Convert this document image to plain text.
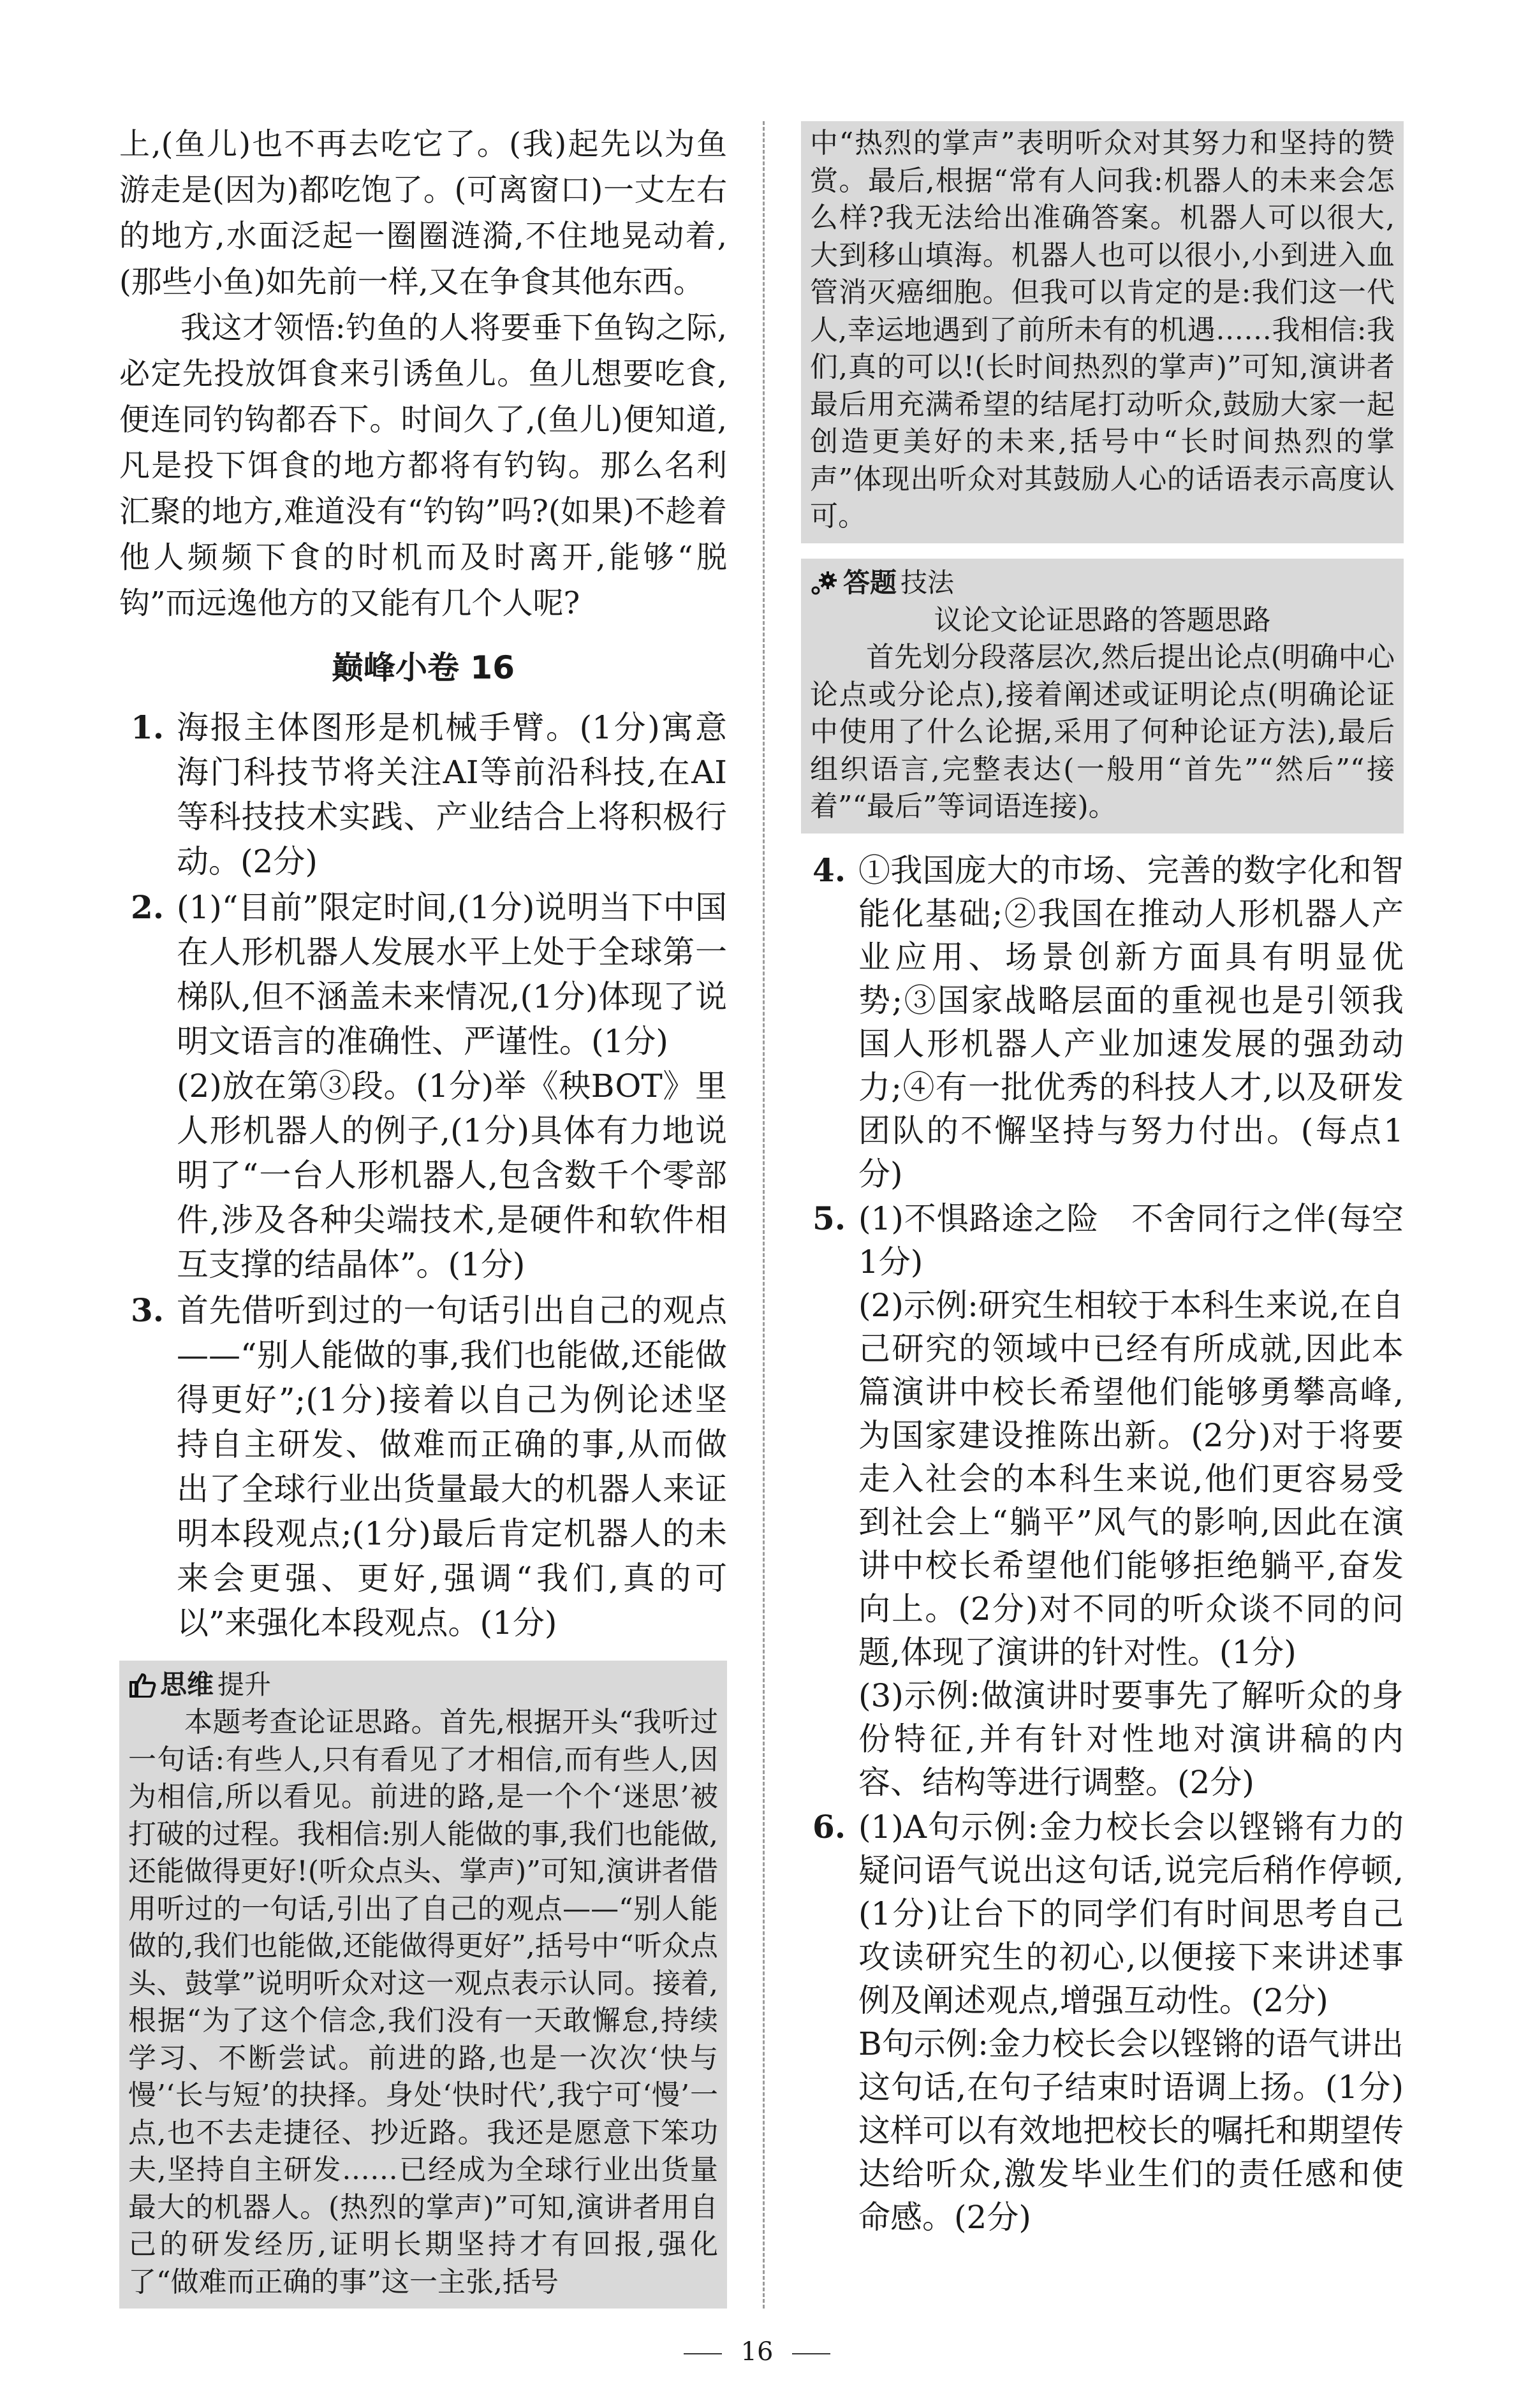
上,(鱼儿)也不再去吃它了。(我)起先以为鱼游走是(因为)都吃饱了。(可离窗口)一丈左右的地方,水面泛起一圈圈涟漪,不住地晃动着,(那些小鱼)如先前一样,又在争食其他东西。

我这才领悟:钓鱼的人将要垂下鱼钩之际,必定先投放饵食来引诱鱼儿。鱼儿想要吃食,便连同钓钩都吞下。时间久了,(鱼儿)便知道,凡是投下饵食的地方都将有钓钩。那么名利汇聚的地方,难道没有“钓钩”吗?(如果)不趁着他人频频下食的时机而及时离开,能够“脱钩”而远逸他方的又能有几个人呢?

巅峰小卷 16
1. 海报主体图形是机械手臂。(1分)寓意海门科技节将关注AI等前沿科技,在AI等科技技术实践、产业结合上将积极行动。(2分)

2. (1)“目前”限定时间,(1分)说明当下中国在人形机器人发展水平上处于全球第一梯队,但不涵盖未来情况,(1分)体现了说明文语言的准确性、严谨性。(1分)

(2)放在第③段。(1分)举《秧BOT》里人形机器人的例子,(1分)具体有力地说明了“一台人形机器人,包含数千个零部件,涉及各种尖端技术,是硬件和软件相互支撑的结晶体”。(1分)

3. 首先借听到过的一句话引出自己的观点——“别人能做的事,我们也能做,还能做得更好”;(1分)接着以自己为例论述坚持自主研发、做难而正确的事,从而做出了全球行业出货量最大的机器人来证明本段观点;(1分)最后肯定机器人的未来会更强、更好,强调“我们,真的可以”来强化本段观点。(1分)

思维 提升

本题考查论证思路。首先,根据开头“我听过一句话:有些人,只有看见了才相信,而有些人,因为相信,所以看见。前进的路,是一个个‘迷思’被打破的过程。我相信:别人能做的事,我们也能做,还能做得更好!(听众点头、掌声)”可知,演讲者借用听过的一句话,引出了自己的观点——“别人能做的,我们也能做,还能做得更好”,括号中“听众点头、鼓掌”说明听众对这一观点表示认同。接着,根据“为了这个信念,我们没有一天敢懈怠,持续学习、不断尝试。前进的路,也是一次次‘快与慢’‘长与短’的抉择。身处‘快时代’,我宁可‘慢’一点,也不去走捷径、抄近路。我还是愿意下笨功夫,坚持自主研发……已经成为全球行业出货量最大的机器人。(热烈的掌声)”可知,演讲者用自己的研发经历,证明长期坚持才有回报,强化了“做难而正确的事”这一主张,括号

中“热烈的掌声”表明听众对其努力和坚持的赞赏。最后,根据“常有人问我:机器人的未来会怎么样?我无法给出准确答案。机器人可以很大,大到移山填海。机器人也可以很小,小到进入血管消灭癌细胞。但我可以肯定的是:我们这一代人,幸运地遇到了前所未有的机遇……我相信:我们,真的可以!(长时间热烈的掌声)”可知,演讲者最后用充满希望的结尾打动听众,鼓励大家一起创造更美好的未来,括号中“长时间热烈的掌声”体现出听众对其鼓励人心的话语表示高度认可。

答题 技法

议论文论证思路的答题思路

首先划分段落层次,然后提出论点(明确中心论点或分论点),接着阐述或证明论点(明确论证中使用了什么论据,采用了何种论证方法),最后组织语言,完整表达(一般用“首先”“然后”“接着”“最后”等词语连接)。

4. ①我国庞大的市场、完善的数字化和智能化基础;②我国在推动人形机器人产业应用、场景创新方面具有明显优势;③国家战略层面的重视也是引领我国人形机器人产业加速发展的强劲动力;④有一批优秀的科技人才,以及研发团队的不懈坚持与努力付出。(每点1分)

5. (1)不惧路途之险　不舍同行之伴(每空1分)

(2)示例:研究生相较于本科生来说,在自己研究的领域中已经有所成就,因此本篇演讲中校长希望他们能够勇攀高峰,为国家建设推陈出新。(2分)对于将要走入社会的本科生来说,他们更容易受到社会上“躺平”风气的影响,因此在演讲中校长希望他们能够拒绝躺平,奋发向上。(2分)对不同的听众谈不同的问题,体现了演讲的针对性。(1分)

(3)示例:做演讲时要事先了解听众的身份特征,并有针对性地对演讲稿的内容、结构等进行调整。(2分)

6. (1)A句示例:金力校长会以铿锵有力的疑问语气说出这句话,说完后稍作停顿,(1分)让台下的同学们有时间思考自己攻读研究生的初心,以便接下来讲述事例及阐述观点,增强互动性。(2分)

B句示例:金力校长会以铿锵的语气讲出这句话,在句子结束时语调上扬。(1分)这样可以有效地把校长的嘱托和期望传达给听众,激发毕业生们的责任感和使命感。(2分)

16
